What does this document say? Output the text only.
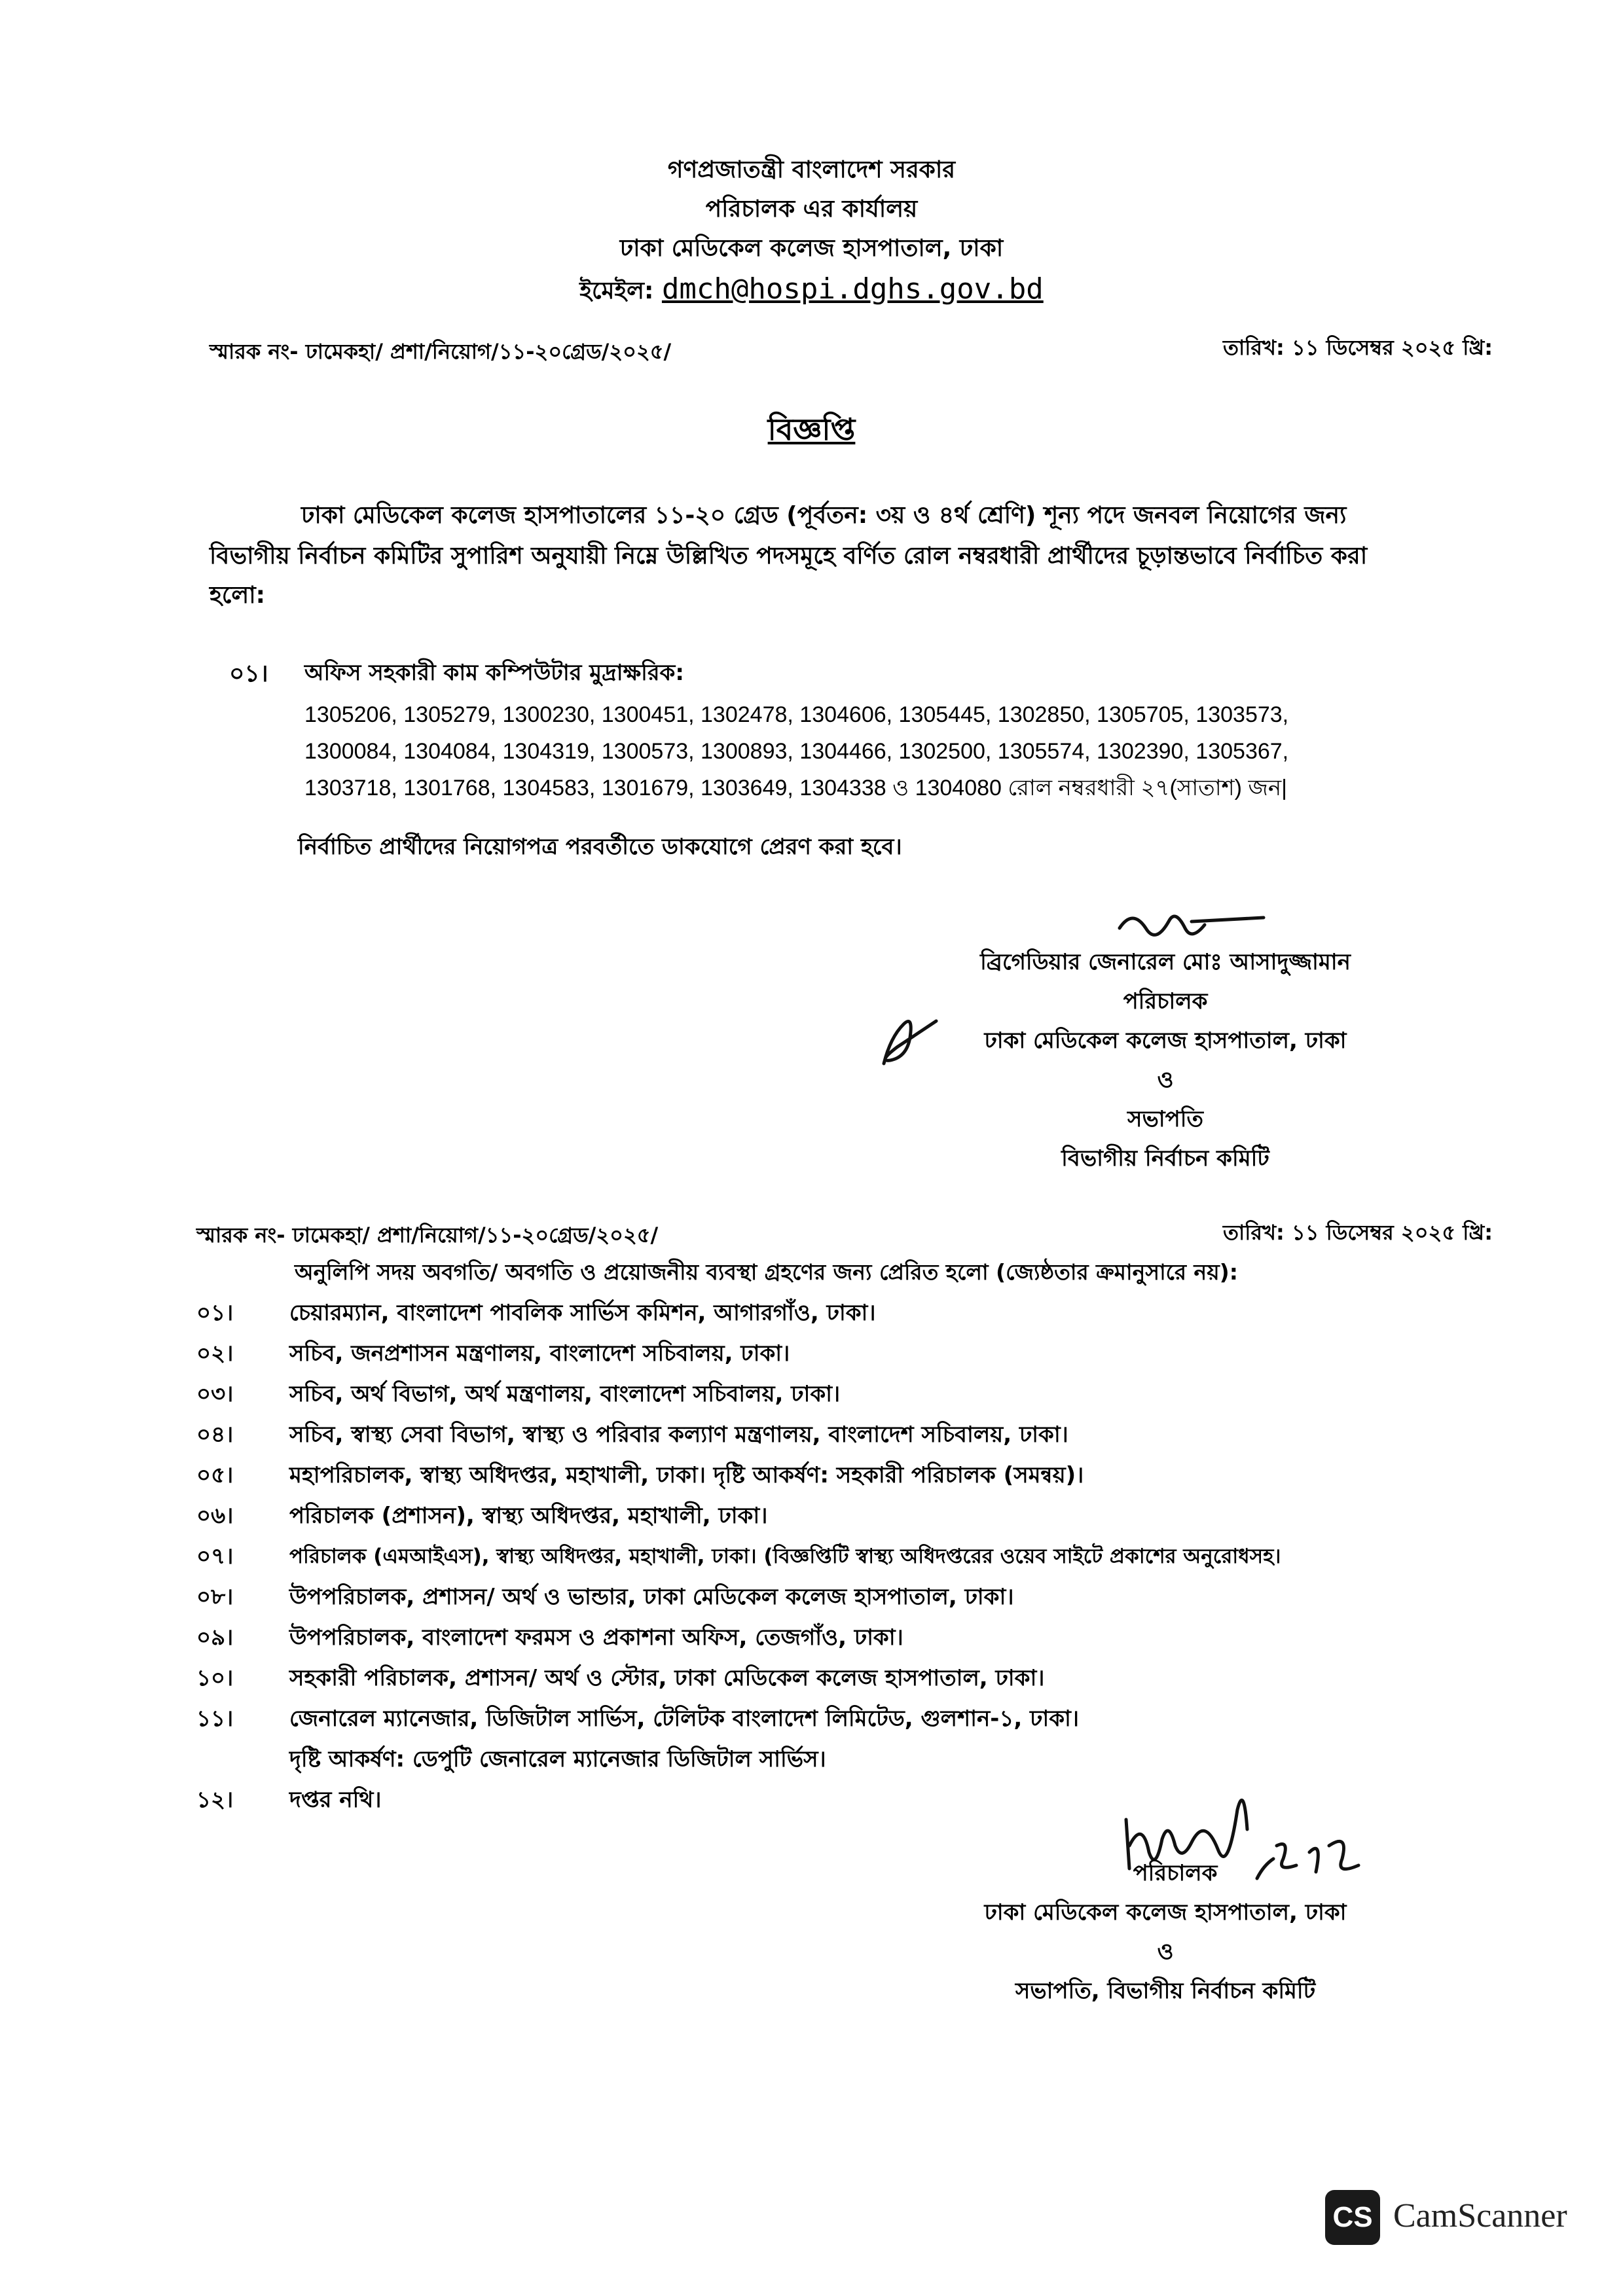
গণপ্রজাতন্ত্রী বাংলাদেশ সরকার
পরিচালক এর কার্যালয়
ঢাকা মেডিকেল কলেজ হাসপাতাল, ঢাকা
ইমেইল: dmch@hospi.dghs.gov.bd
স্মারক নং- ঢামেকহা/ প্রশা/নিয়োগ/১১-২০গ্রেড/২০২৫/	তারিখ: ১১ ডিসেম্বর ২০২৫ খ্রি:
বিজ্ঞপ্তি
ঢাকা মেডিকেল কলেজ হাসপাতালের ১১-২০ গ্রেড (পূর্বতন: ৩য় ও ৪র্থ শ্রেণি) শূন্য পদে জনবল নিয়োগের জন্য
বিভাগীয় নির্বাচন কমিটির সুপারিশ অনুযায়ী নিম্নে উল্লিখিত পদসমূহে বর্ণিত রোল নম্বরধারী প্রার্থীদের চূড়ান্তভাবে নির্বাচিত করা
হলো:
০১। অফিস সহকারী কাম কম্পিউটার মুদ্রাক্ষরিক:
1305206, 1305279, 1300230, 1300451, 1302478, 1304606, 1305445, 1302850, 1305705, 1303573,
1300084, 1304084, 1304319, 1300573, 1300893, 1304466, 1302500, 1305574, 1302390, 1305367,
1303718, 1301768, 1304583, 1301679, 1303649, 1304338 ও 1304080 রোল নম্বরধারী ২৭(সাতাশ) জন|
নির্বাচিত প্রার্থীদের নিয়োগপত্র পরবর্তীতে ডাকযোগে প্রেরণ করা হবে।
ব্রিগেডিয়ার জেনারেল মোঃ আসাদুজ্জামান
পরিচালক
ঢাকা মেডিকেল কলেজ হাসপাতাল, ঢাকা
ও
সভাপতি
বিভাগীয় নির্বাচন কমিটি
স্মারক নং- ঢামেকহা/ প্রশা/নিয়োগ/১১-২০গ্রেড/২০২৫/	তারিখ: ১১ ডিসেম্বর ২০২৫ খ্রি:
অনুলিপি সদয় অবগতি/ অবগতি ও প্রয়োজনীয় ব্যবস্থা গ্রহণের জন্য প্রেরিত হলো (জ্যেষ্ঠতার ক্রমানুসারে নয়):
০১।	চেয়ারম্যান, বাংলাদেশ পাবলিক সার্ভিস কমিশন, আগারগাঁও, ঢাকা।
০২।	সচিব, জনপ্রশাসন মন্ত্রণালয়, বাংলাদেশ সচিবালয়, ঢাকা।
০৩।	সচিব, অর্থ বিভাগ, অর্থ মন্ত্রণালয়, বাংলাদেশ সচিবালয়, ঢাকা।
০৪।	সচিব, স্বাস্থ্য সেবা বিভাগ, স্বাস্থ্য ও পরিবার কল্যাণ মন্ত্রণালয়, বাংলাদেশ সচিবালয়, ঢাকা।
০৫।	মহাপরিচালক, স্বাস্থ্য অধিদপ্তর, মহাখালী, ঢাকা। দৃষ্টি আকর্ষণ: সহকারী পরিচালক (সমন্বয়)।
০৬।	পরিচালক (প্রশাসন), স্বাস্থ্য অধিদপ্তর, মহাখালী, ঢাকা।
০৭।	পরিচালক (এমআইএস), স্বাস্থ্য অধিদপ্তর, মহাখালী, ঢাকা। (বিজ্ঞপ্তিটি স্বাস্থ্য অধিদপ্তরের ওয়েব সাইটে প্রকাশের অনুরোধসহ।
০৮।	উপপরিচালক, প্রশাসন/ অর্থ ও ভান্ডার, ঢাকা মেডিকেল কলেজ হাসপাতাল, ঢাকা।
০৯।	উপপরিচালক, বাংলাদেশ ফরমস ও প্রকাশনা অফিস, তেজগাঁও, ঢাকা।
১০।	সহকারী পরিচালক, প্রশাসন/ অর্থ ও স্টোর, ঢাকা মেডিকেল কলেজ হাসপাতাল, ঢাকা।
১১।	জেনারেল ম্যানেজার, ডিজিটাল সার্ভিস, টেলিটক বাংলাদেশ লিমিটেড, গুলশান-১, ঢাকা।
দৃষ্টি আকর্ষণ: ডেপুটি জেনারেল ম্যানেজার ডিজিটাল সার্ভিস।
১২।	দপ্তর নথি।
পরিচালক
ঢাকা মেডিকেল কলেজ হাসপাতাল, ঢাকা
ও
সভাপতি, বিভাগীয় নির্বাচন কমিটি
CS CamScanner
